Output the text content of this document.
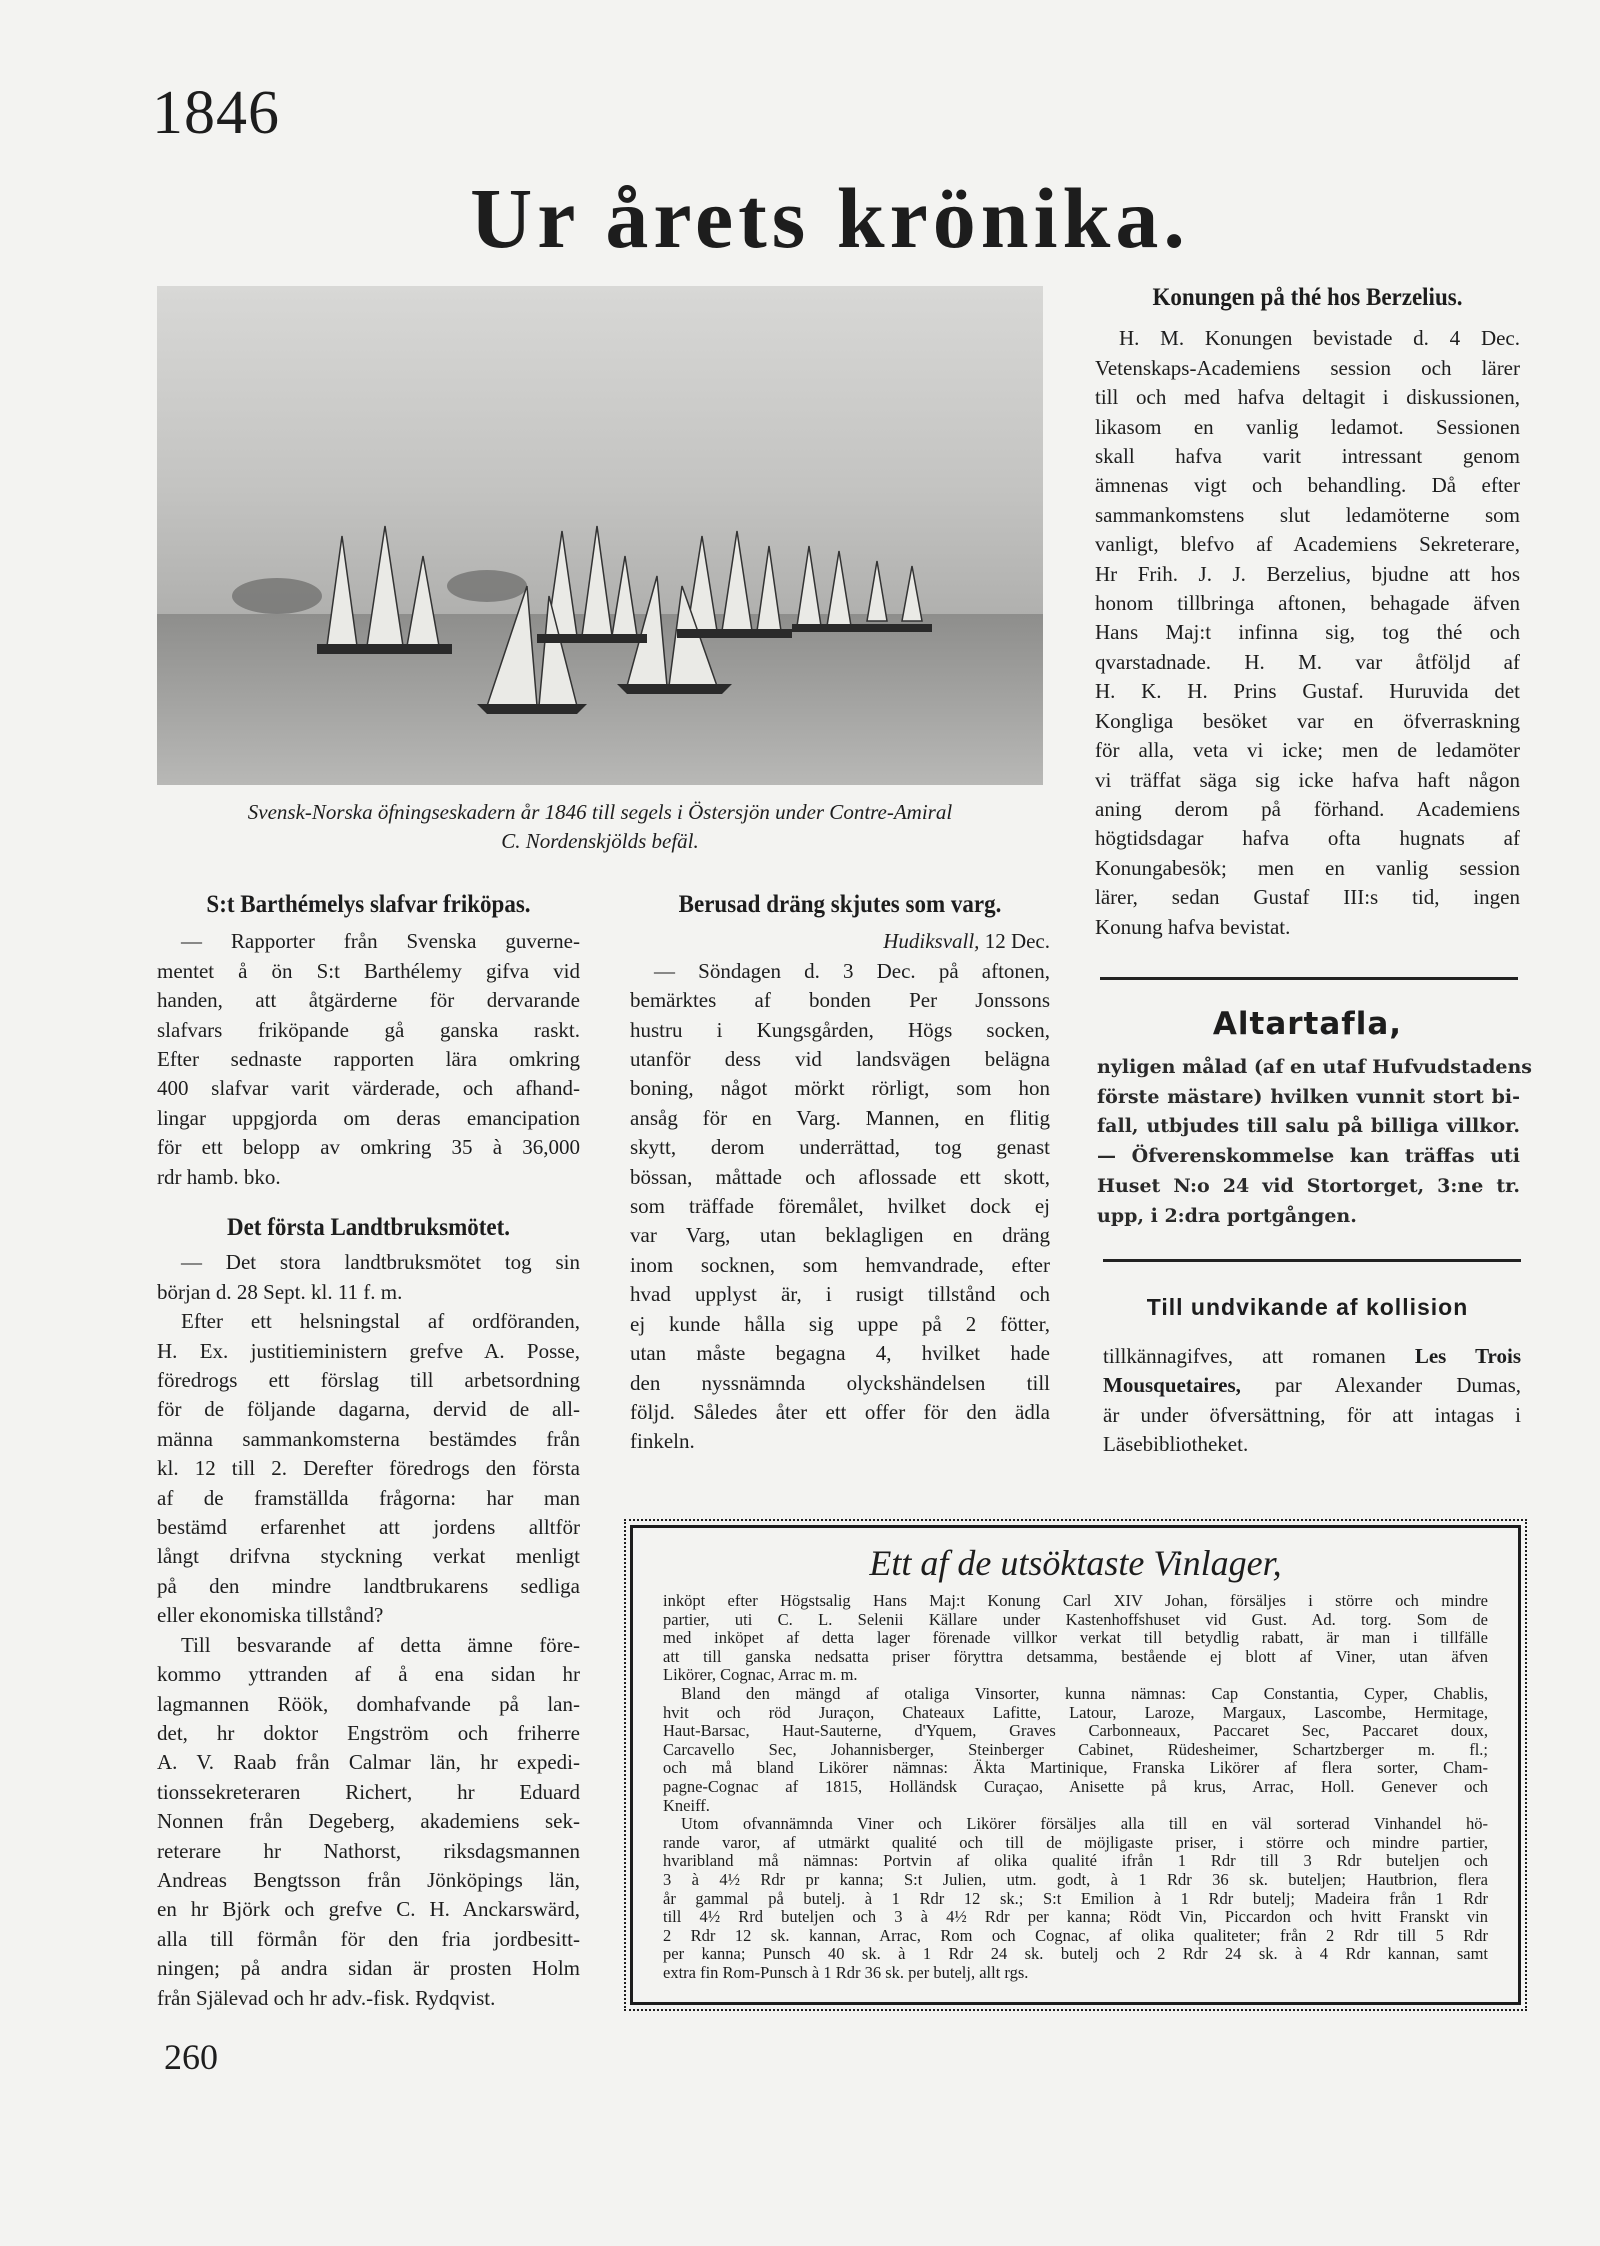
1846
Ur årets krönika.
Svensk-Norska öfningseskadern år 1846 till segels i Östersjön under Contre-Amiral
C. Nordenskjölds befäl.
S:t Barthémelys slafvar friköpas.
— Rapporter från Svenska guverne-
mentet å ön S:t Barthélemy gifva vid
handen, att åtgärderne för dervarande
slafvars friköpande gå ganska raskt.
Efter sednaste rapporten lära omkring
400 slafvar varit värderade, och afhand-
lingar uppgjorda om deras emancipation
för ett belopp av omkring 35 à 36,000
rdr hamb. bko.
Det första Landtbruksmötet.
— Det stora landtbruksmötet tog sin
början d. 28 Sept. kl. 11 f. m.
Efter ett helsningstal af ordföranden,
H. Ex. justitieministern grefve A. Posse,
föredrogs ett förslag till arbetsordning
för de följande dagarna, dervid de all-
männa sammankomsterna bestämdes från
kl. 12 till 2. Derefter föredrogs den första
af de framställda frågorna: har man
bestämd erfarenhet att jordens alltför
långt drifvna styckning verkat menligt
på den mindre landtbrukarens sedliga
eller ekonomiska tillstånd?
Till besvarande af detta ämne före-
kommo yttranden af å ena sidan hr
lagmannen Röök, domhafvande på lan-
det, hr doktor Engström och friherre
A. V. Raab från Calmar län, hr expedi-
tionssekreteraren Richert, hr Eduard
Nonnen från Degeberg, akademiens sek-
reterare hr Nathorst, riksdagsmannen
Andreas Bengtsson från Jönköpings län,
en hr Björk och grefve C. H. Anckarswärd,
alla till förmån för den fria jordbesitt-
ningen; på andra sidan är prosten Holm
från Själevad och hr adv.-fisk. Rydqvist.
Berusad dräng skjutes som varg.
Hudiksvall, 12 Dec.
— Söndagen d. 3 Dec. på aftonen,
bemärktes af bonden Per Jonssons
hustru i Kungsgården, Högs socken,
utanför dess vid landsvägen belägna
boning, något mörkt rörligt, som hon
ansåg för en Varg. Mannen, en flitig
skytt, derom underrättad, tog genast
bössan, måttade och aflossade ett skott,
som träffade föremålet, hvilket dock ej
var Varg, utan beklagligen en dräng
inom socknen, som hemvandrade, efter
hvad upplyst är, i rusigt tillstånd och
ej kunde hålla sig uppe på 2 fötter,
utan måste begagna 4, hvilket hade
den nyssnämnda olyckshändelsen till
följd. Således åter ett offer för den ädla
finkeln.
Konungen på thé hos Berzelius.
H. M. Konungen bevistade d. 4 Dec.
Vetenskaps-Academiens session och lärer
till och med hafva deltagit i diskussionen,
likasom en vanlig ledamot. Sessionen
skall hafva varit intressant genom
ämnenas vigt och behandling. Då efter
sammankomstens slut ledamöterne som
vanligt, blefvo af Academiens Sekreterare,
Hr Frih. J. J. Berzelius, bjudne att hos
honom tillbringa aftonen, behagade äfven
Hans Maj:t infinna sig, tog thé och
qvarstadnade. H. M. var åtföljd af
H. K. H. Prins Gustaf. Huruvida det
Kongliga besöket var en öfverraskning
för alla, veta vi icke; men de ledamöter
vi träffat säga sig icke hafva haft någon
aning derom på förhand. Academiens
högtidsdagar hafva ofta hugnats af
Konungabesök; men en vanlig session
lärer, sedan Gustaf III:s tid, ingen
Konung hafva bevistat.
Altartafla,
nyligen målad (af en utaf Hufvudstadens
förste mästare) hvilken vunnit stort bi-
fall, utbjudes till salu på billiga villkor.
— Öfverenskommelse kan träffas uti
Huset N:o 24 vid Stortorget, 3:ne tr.
upp, i 2:dra portgången.
Till undvikande af kollision
tillkännagifves, att romanen Les Trois
Mousquetaires, par Alexander Dumas,
är under öfversättning, för att intagas i
Läsebibliotheket.
Ett af de utsöktaste Vinlager,
inköpt efter Högstsalig Hans Maj:t Konung Carl XIV Johan, försäljes i större och mindre
partier, uti C. L. Selenii Källare under Kastenhoffshuset vid Gust. Ad. torg. Som de
med inköpet af detta lager förenade villkor verkat till betydlig rabatt, är man i tillfälle
att till ganska nedsatta priser föryttra detsamma, bestående ej blott af Viner, utan äfven
Likörer, Cognac, Arrac m. m.
Bland den mängd af otaliga Vinsorter, kunna nämnas: Cap Constantia, Cyper, Chablis,
hvit och röd Juraçon, Chateaux Lafitte, Latour, Laroze, Margaux, Lascombe, Hermitage,
Haut-Barsac, Haut-Sauterne, d'Yquem, Graves Carbonneaux, Paccaret Sec, Paccaret doux,
Carcavello Sec, Johannisberger, Steinberger Cabinet, Rüdesheimer, Schartzberger m. fl.;
och må bland Likörer nämnas: Äkta Martinique, Franska Likörer af flera sorter, Cham-
pagne-Cognac af 1815, Holländsk Curaçao, Anisette på krus, Arrac, Holl. Genever och
Kneiff.
Utom ofvannämnda Viner och Likörer försäljes alla till en väl sorterad Vinhandel hö-
rande varor, af utmärkt qualité och till de möjligaste priser, i större och mindre partier,
hvaribland må nämnas: Portvin af olika qualité ifrån 1 Rdr till 3 Rdr buteljen och
3 à 4½ Rdr pr kanna; S:t Julien, utm. godt, à 1 Rdr 36 sk. buteljen; Hautbrion, flera
år gammal på butelj. à 1 Rdr 12 sk.; S:t Emilion à 1 Rdr butelj; Madeira från 1 Rdr
till 4½ Rrd buteljen och 3 à 4½ Rdr per kanna; Rödt Vin, Piccardon och hvitt Franskt vin
2 Rdr 12 sk. kannan, Arrac, Rom och Cognac, af olika qualiteter; från 2 Rdr till 5 Rdr
per kanna; Punsch 40 sk. à 1 Rdr 24 sk. butelj och 2 Rdr 24 sk. à 4 Rdr kannan, samt
extra fin Rom-Punsch à 1 Rdr 36 sk. per butelj, allt rgs.
260
